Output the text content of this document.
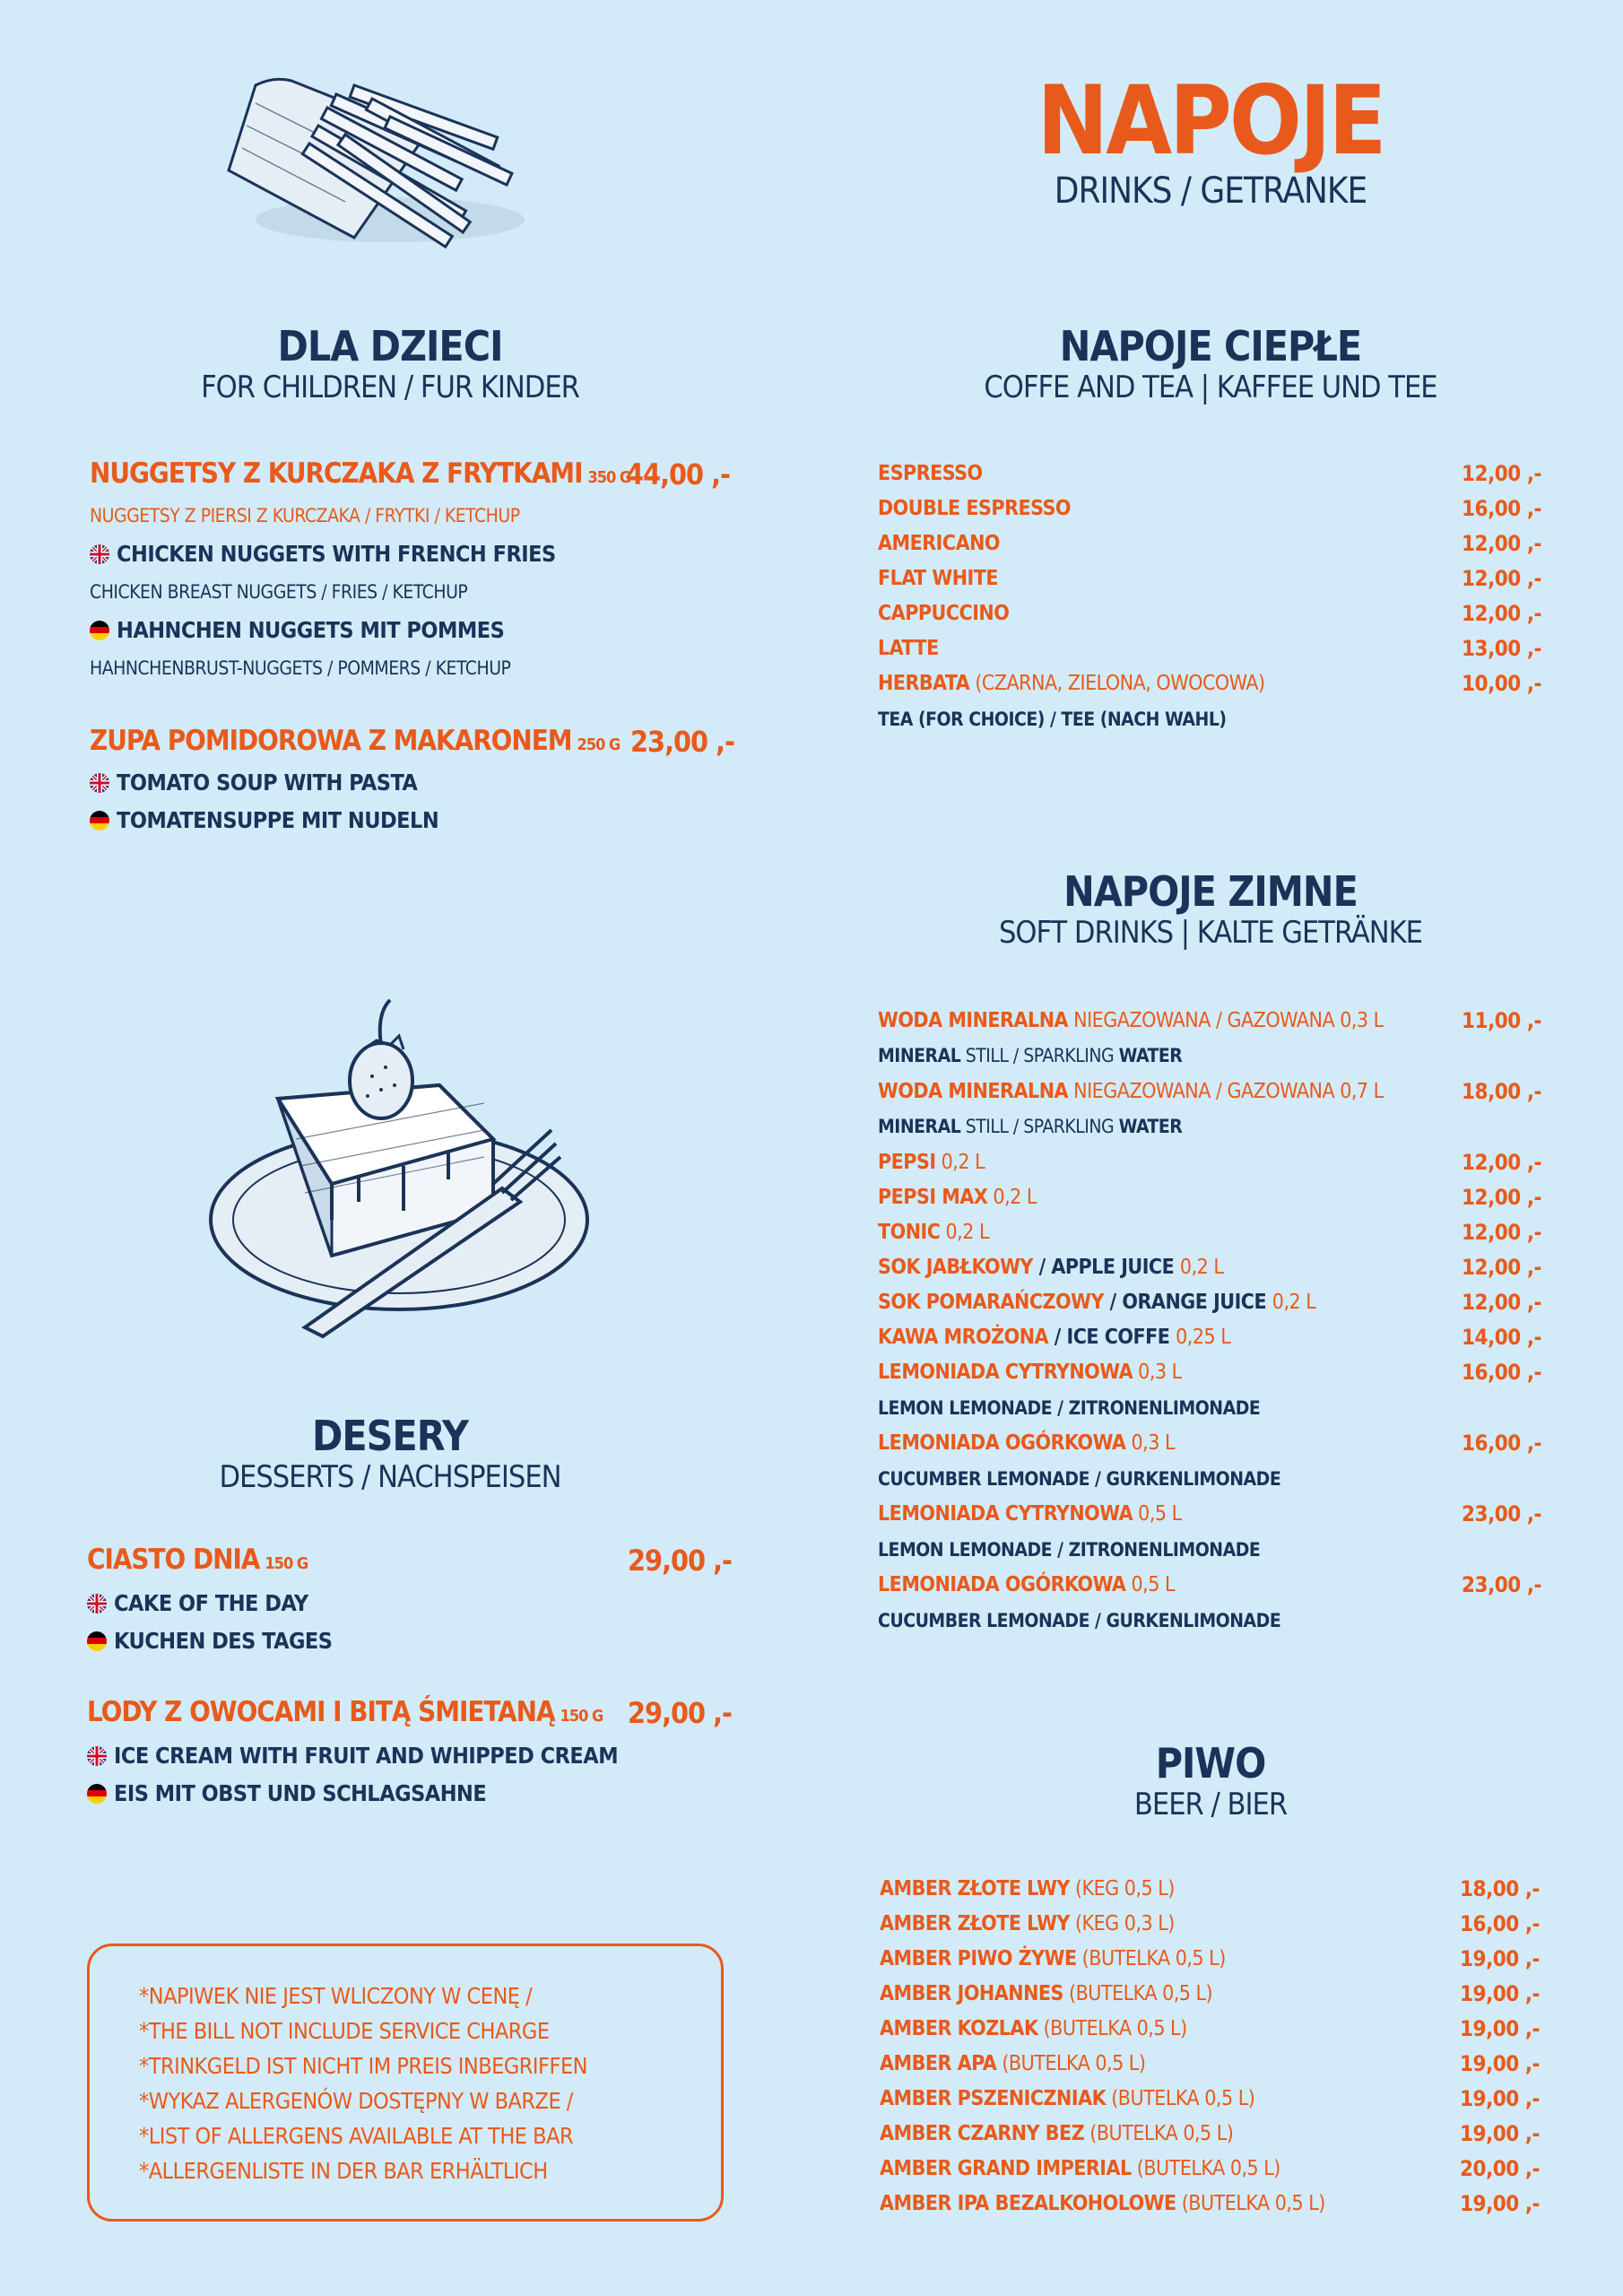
NAPOJE
DRINKS / GETRANKE
DLA DZIECI
FOR CHILDREN / FUR KINDER
NUGGETSY Z KURCZAKA Z FRYTKAMI 350 G
44,00 ,-
NUGGETSY Z PIERSI Z KURCZAKA / FRYTKI / KETCHUP
CHICKEN NUGGETS WITH FRENCH FRIES
CHICKEN BREAST NUGGETS / FRIES / KETCHUP
HAHNCHEN NUGGETS MIT POMMES
HAHNCHENBRUST-NUGGETS / POMMERS / KETCHUP
ZUPA POMIDOROWA Z MAKARONEM 250 G 23,00 ,-
TOMATO SOUP WITH PASTA
TOMATENSUPPE MIT NUDELN
DESERY
DESSERTS / NACHSPEISEN
CIASTO DNIA 150 G	29,00 ,-
CAKE OF THE DAY
KUCHEN DES TAGES
LODY Z OWOCAMI I BITĄ ŚMIETANĄ 150 G 29,00 ,-
ICE CREAM WITH FRUIT AND WHIPPED CREAM
EIS MIT OBST UND SCHLAGSAHNE
*NAPIWEK NIE JEST WLICZONY W CENĘ /
*THE BILL NOT INCLUDE SERVICE CHARGE
*TRINKGELD IST NICHT IM PREIS INBEGRIFFEN
*WYKAZ ALERGENÓW DOSTĘPNY W BARZE /
*LIST OF ALLERGENS AVAILABLE AT THE BAR
*ALLERGENLISTE IN DER BAR ERHÄLTLICH
NAPOJE CIEPŁE
COFFE AND TEA | KAFFEE UND TEE
ESPRESSO	12,00 ,-
DOUBLE ESPRESSO	16,00 ,-
AMERICANO	12,00 ,-
FLAT WHITE	12,00 ,-
CAPPUCCINO	12,00 ,-
LATTE	13,00 ,-
HERBATA (CZARNA, ZIELONA, OWOCOWA)	10,00 ,-
TEA (FOR CHOICE) / TEE (NACH WAHL)
NAPOJE ZIMNE
SOFT DRINKS | KALTE GETRÄNKE
WODA MINERALNA NIEGAZOWANA / GAZOWANA 0,3 L	11,00 ,-
MINERAL STILL / SPARKLING WATER
WODA MINERALNA NIEGAZOWANA / GAZOWANA 0,7 L	18,00 ,-
MINERAL STILL / SPARKLING WATER
PEPSI 0,2 L	12,00 ,-
PEPSI MAX 0,2 L	12,00 ,-
TONIC 0,2 L	12,00 ,-
SOK JABŁKOWY / APPLE JUICE 0,2 L	12,00 ,-
SOK POMARAŃCZOWY / ORANGE JUICE 0,2 L	12,00 ,-
KAWA MROŻONA / ICE COFFE 0,25 L	14,00 ,-
LEMONIADA CYTRYNOWA 0,3 L	16,00 ,-
LEMON LEMONADE / ZITRONENLIMONADE
LEMONIADA OGÓRKOWA 0,3 L	16,00 ,-
CUCUMBER LEMONADE / GURKENLIMONADE
LEMONIADA CYTRYNOWA 0,5 L	23,00 ,-
LEMON LEMONADE / ZITRONENLIMONADE
LEMONIADA OGÓRKOWA 0,5 L	23,00 ,-
CUCUMBER LEMONADE / GURKENLIMONADE
PIWO
BEER / BIER
AMBER ZŁOTE LWY (KEG 0,5 L)	18,00 ,-
AMBER ZŁOTE LWY (KEG 0,3 L)	16,00 ,-
AMBER PIWO ŻYWE (BUTELKA 0,5 L)	19,00 ,-
AMBER JOHANNES (BUTELKA 0,5 L)	19,00 ,-
AMBER KOZLAK (BUTELKA 0,5 L)	19,00 ,-
AMBER APA (BUTELKA 0,5 L)	19,00 ,-
AMBER PSZENICZNIAK (BUTELKA 0,5 L)	19,00 ,-
AMBER CZARNY BEZ (BUTELKA 0,5 L)	19,00 ,-
AMBER GRAND IMPERIAL (BUTELKA 0,5 L)	20,00 ,-
AMBER IPA BEZALKOHOLOWE (BUTELKA 0,5 L)	19,00 ,-
